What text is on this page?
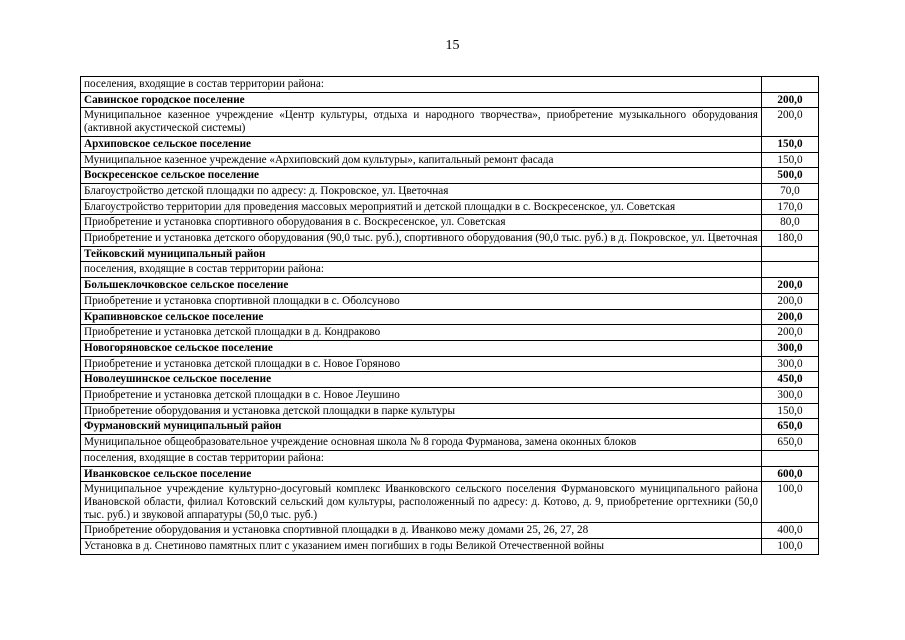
15
поселения, входящие в состав территории района:	
Савинское городское поселение	200,0
Муниципальное казенное учреждение «Центр культуры, отдыха и народного творчества», приобретение музыкального оборудования (активной акустической системы)	200,0
Архиповское сельское поселение	150,0
Муниципальное казенное учреждение «Архиповский дом культуры», капитальный ремонт фасада	150,0
Воскресенское сельское поселение	500,0
Благоустройство детской площадки по адресу: д. Покровское, ул. Цветочная	70,0
Благоустройство территории для проведения массовых мероприятий и детской площадки в с. Воскресенское, ул. Советская	170,0
Приобретение и установка спортивного оборудования в с. Воскресенское, ул. Советская	80,0
Приобретение и установка детского оборудования (90,0 тыс. руб.), спортивного оборудования (90,0 тыс. руб.) в д. Покровское, ул. Цветочная	180,0
Тейковский муниципальный район	
поселения, входящие в состав территории района:	
Большеклочковское сельское поселение	200,0
Приобретение и установка спортивной площадки в с. Оболсуново	200,0
Крапивновское сельское поселение	200,0
Приобретение и установка детской площадки в д. Кондраково	200,0
Новогоряновское сельское поселение	300,0
Приобретение и установка детской площадки в с. Новое Горяново	300,0
Новолеушинское сельское поселение	450,0
Приобретение и установка детской площадки в с. Новое Леушино	300,0
Приобретение оборудования и установка детской площадки в парке культуры	150,0
Фурмановский муниципальный район	650,0
Муниципальное общеобразовательное учреждение основная школа № 8 города Фурманова, замена оконных блоков	650,0
поселения, входящие в состав территории района:	
Иванковское сельское поселение	600,0
Муниципальное учреждение культурно-досуговый комплекс Иванковского сельского поселения Фурмановского муниципального района Ивановской области, филиал Котовский сельский дом культуры, расположенный по адресу: д. Котово, д. 9, приобретение оргтехники (50,0 тыс. руб.) и звуковой аппаратуры (50,0 тыс. руб.)	100,0
Приобретение оборудования и установка спортивной площадки в д. Иванково межу домами 25, 26, 27, 28	400,0
Установка в д. Снетиново памятных плит с указанием имен погибших в годы Великой Отечественной войны	100,0
